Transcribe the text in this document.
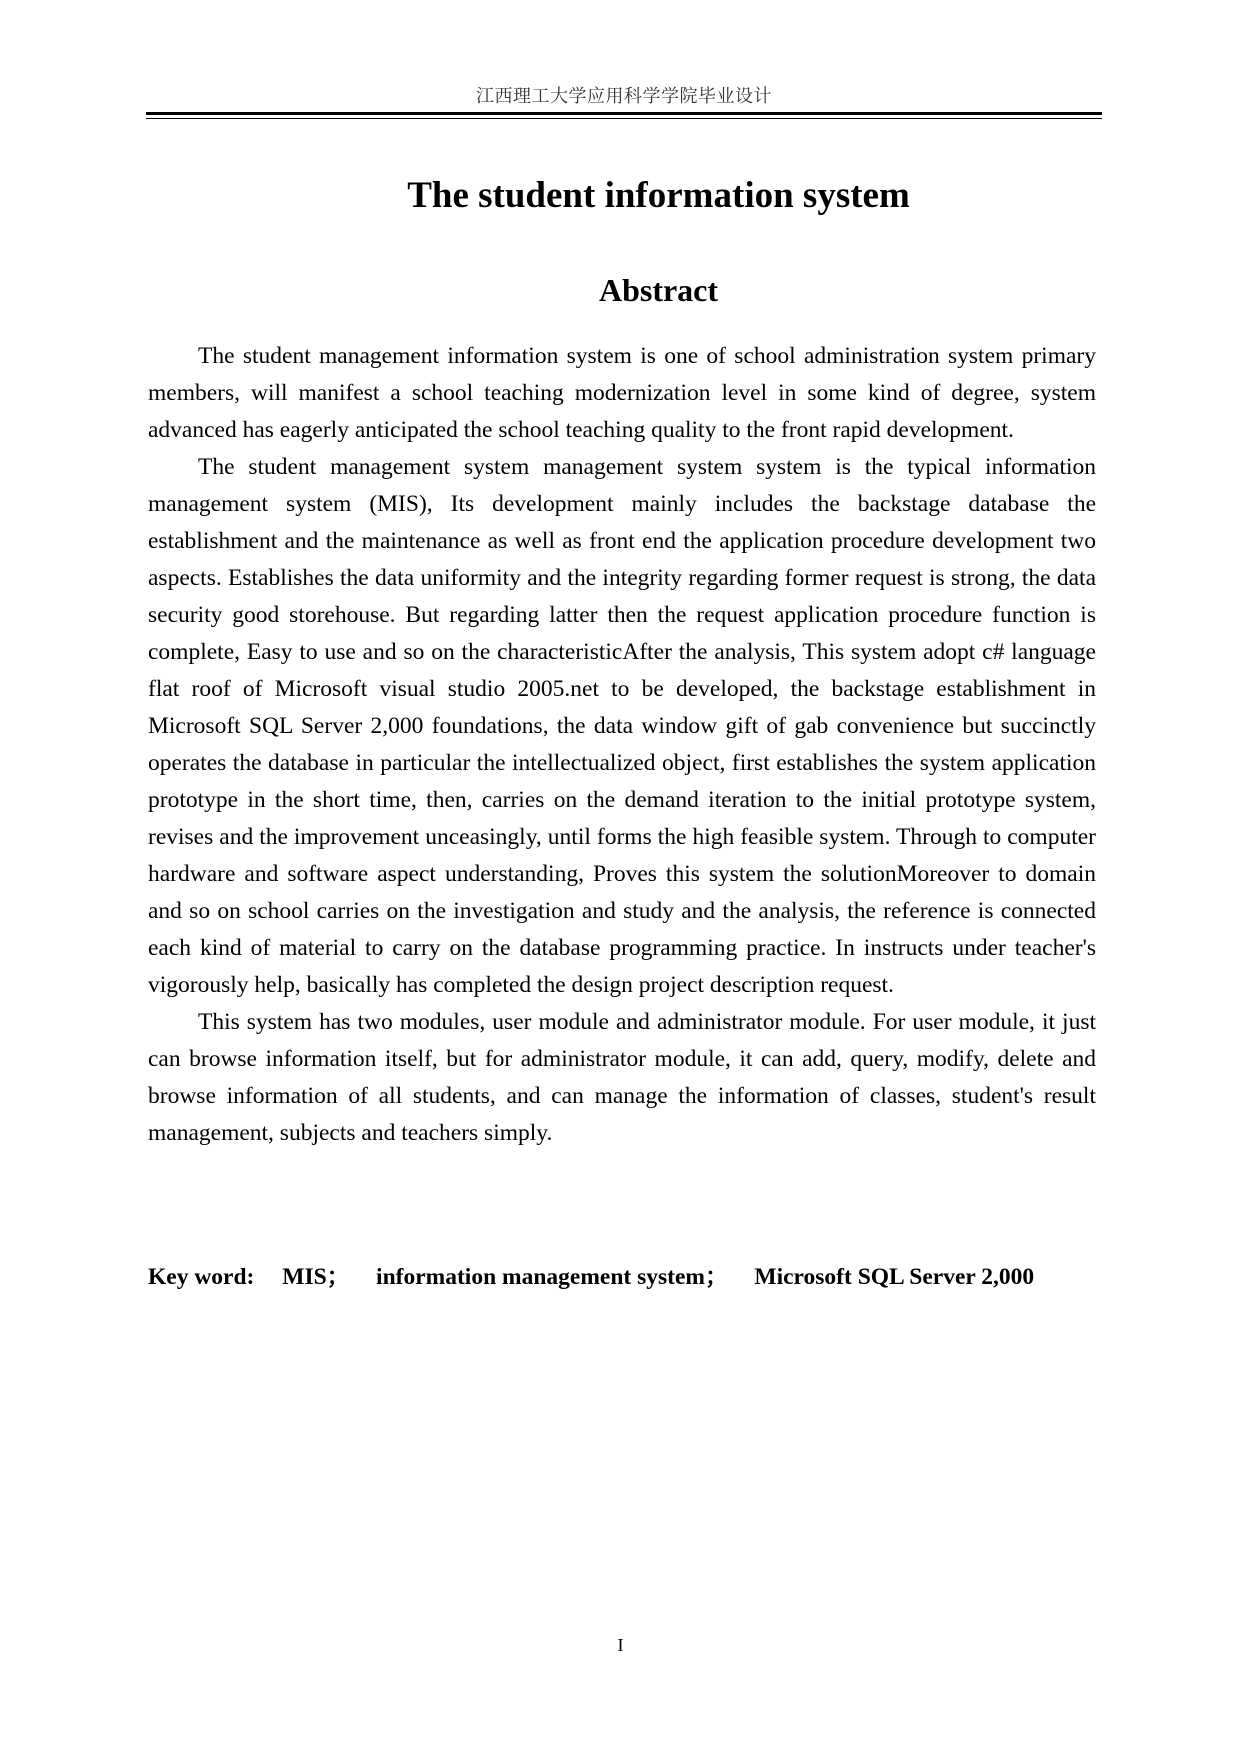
江西理工大学应用科学学院毕业设计
The student information system
Abstract

The student management information system is one of school administration system primary members, will manifest a school teaching modernization level in some kind of degree, system advanced has eagerly anticipated the school teaching quality to the front rapid development.

The student management system management system system is the typical information management system (MIS), Its development mainly includes the backstage database the establishment and the maintenance as well as front end the application procedure development two aspects. Establishes the data uniformity and the integrity regarding former request is strong, the data security good storehouse. But regarding latter then the request application procedure function is complete, Easy to use and so on the characteristicAfter the analysis, This system adopt c# language flat roof of Microsoft visual studio 2005.net to be developed, the backstage establishment in Microsoft SQL Server 2,000 foundations, the data window gift of gab convenience but succinctly operates the database in particular the intellectualized object, first establishes the system application prototype in the short time, then, carries on the demand iteration to the initial prototype system, revises and the improvement unceasingly, until forms the high feasible system. Through to computer hardware and software aspect understanding, Proves this system the solutionMoreover to domain and so on school carries on the investigation and study and the analysis, the reference is connected each kind of material to carry on the database programming practice. In instructs under teacher's vigorously help, basically has completed the design project description request.

This system has two modules, user module and administrator module. For user module, it just can browse information itself, but for administrator module, it can add, query, modify, delete and browse information of all students, and can manage the information of classes, student's result management, subjects and teachers simply.

Key word: MIS； information management system； Microsoft SQL Server 2,000
I
